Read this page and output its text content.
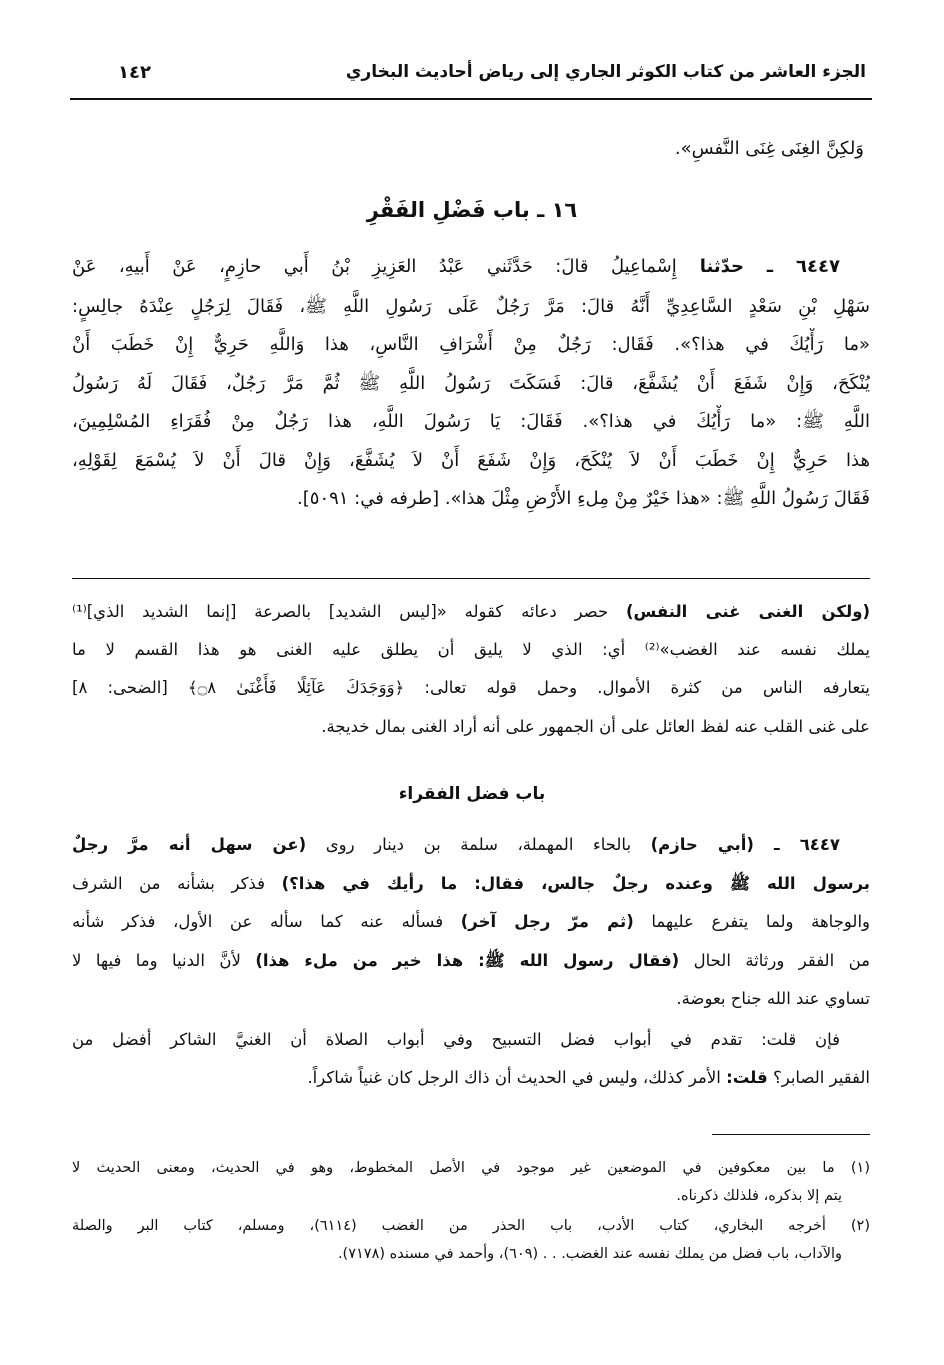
الجزء العاشر من كتاب الكوثر الجاري إلى رياض أحاديث البخاري
١٤٢
وَلكِنَّ الغِنَى غِنَى النَّفسِ».
١٦ ـ باب فَضْلِ الفَقْرِ
٦٤٤٧ ـ حدّثنا إِسْماعِيلُ قالَ: حَدَّثَني عَبْدُ العَزِيزِ بْنُ أَبي حازِمٍ، عَنْ أَبيهِ، عَنْ
سَهْلِ بْنِ سَعْدٍ السَّاعِدِيِّ أَنَّهُ قالَ: مَرَّ رَجُلٌ عَلَى رَسُولِ اللَّهِ ﷺ، فَقَالَ لِرَجُلٍ عِنْدَهُ جالِسٍ:
«ما رَأْيُكَ في هذا؟». فَقَال: رَجُلٌ مِنْ أَشْرَافِ النَّاسِ، هذا وَاللَّهِ حَرِيٌّ إِنْ خَطَبَ أَنْ
يُنْكَحَ، وَإِنْ شَفَعَ أَنْ يُشَفَّعَ، قالَ: فَسَكَتَ رَسُولُ اللَّهِ ﷺ ثُمَّ مَرَّ رَجُلٌ، فَقَالَ لَهُ رَسُولُ
اللَّهِ ﷺ: «ما رَأْيُكَ في هذا؟». فَقَالَ: يَا رَسُولَ اللَّهِ، هذا رَجُلٌ مِنْ فُقَرَاءِ المُسْلِمِينَ،
هذا حَرِيٌّ إِنْ خَطَبَ أَنْ لاَ يُنْكَحَ، وَإِنْ شَفَعَ أَنْ لاَ يُشَفَّعَ، وَإِنْ قالَ أَنْ لاَ يُسْمَعَ لِقَوْلِهِ،
فَقَالَ رَسُولُ اللَّهِ ﷺ: «هذا خَيْرٌ مِنْ مِلءِ الأَرْضِ مِثْلَ هذا». [طرفه في: ٥٠٩١].
(ولكن الغنى غنى النفس) حصر دعائه كقوله «[ليس الشديد] بالصرعة [إنما الشديد الذي]⁽¹⁾
يملك نفسه عند الغضب»⁽²⁾ أي: الذي لا يليق أن يطلق عليه الغنى هو هذا القسم لا ما
يتعارفه الناس من كثرة الأموال. وحمل قوله تعالى: ﴿وَوَجَدَكَ عَآئِلًا فَأَغْنَىٰ ۝٨﴾ [الضحى: ٨]
على غنى القلب عنه لفظ العائل على أن الجمهور على أنه أراد الغنى بمال خديجة.
باب فضل الفقراء
٦٤٤٧ ـ (أبي حازم) بالحاء المهملة، سلمة بن دينار روى (عن سهل أنه مرَّ رجلٌ
برسول الله ﷺ وعنده رجلٌ جالس، فقال: ما رأيك في هذا؟) فذكر بشأنه من الشرف
والوجاهة ولما يتفرع عليهما (ثم مرّ رجل آخر) فسأله عنه كما سأله عن الأول، فذكر شأنه
من الفقر ورثاثة الحال (فقال رسول الله ﷺ: هذا خير من ملء هذا) لأنَّ الدنيا وما فيها لا
تساوي عند الله جناح بعوضة.
فإن قلت: تقدم في أبواب فضل التسبيح وفي أبواب الصلاة أن الغنيَّ الشاكر أفضل من
الفقير الصابر؟ قلت: الأمر كذلك، وليس في الحديث أن ذاك الرجل كان غنياً شاكراً.
(١) ما بين معكوفين في الموضعين غير موجود في الأصل المخطوط، وهو في الحديث، ومعنى الحديث لا
يتم إلا بذكره، فلذلك ذكرناه.
(٢) أخرجه البخاري، كتاب الأدب، باب الحذر من الغضب (٦١١٤)، ومسلم، كتاب البر والصلة
والآداب، باب فضل من يملك نفسه عند الغضب. . . (٦٠٩)، وأحمد في مسنده (٧١٧٨).
